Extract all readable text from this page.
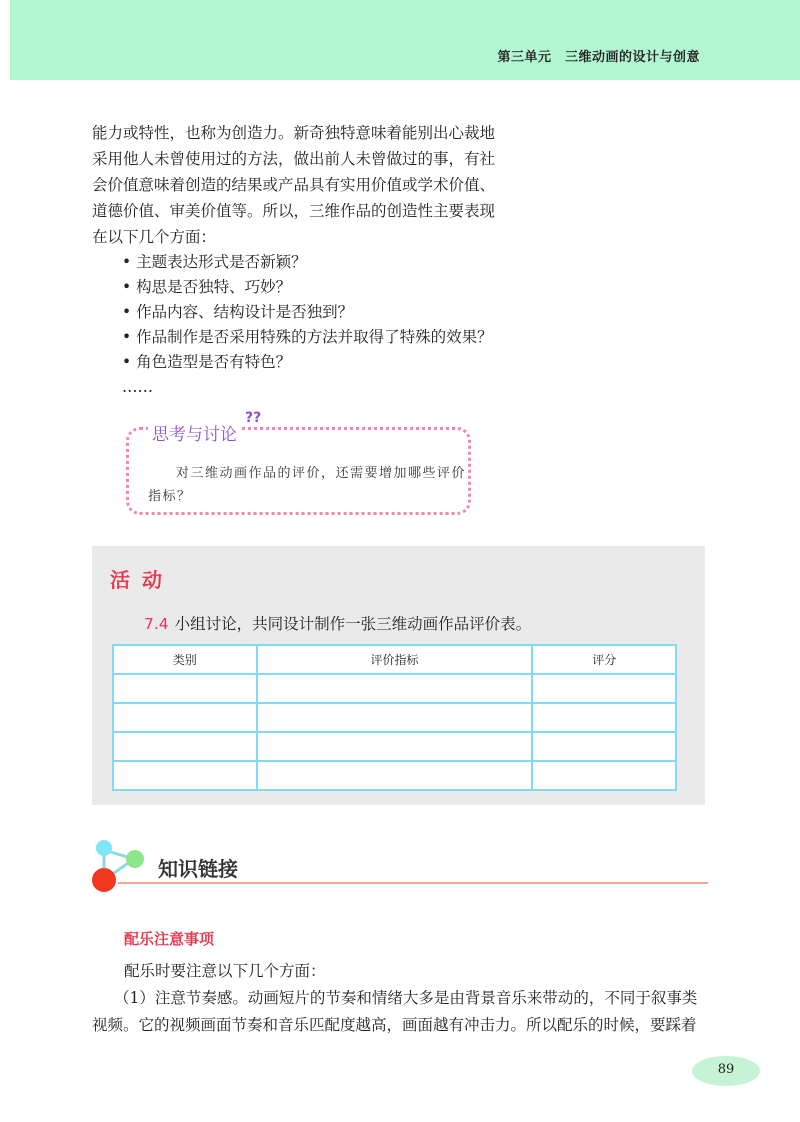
第三单元　三维动画的设计与创意

能力或特性，也称为创造力。新奇独特意味着能别出心裁地

采用他人未曾使用过的方法，做出前人未曾做过的事，有社

会价值意味着创造的结果或产品具有实用价值或学术价值、

道德价值、审美价值等。所以，三维作品的创造性主要表现

在以下几个方面：

• 主题表达形式是否新颖？
• 构思是否独特、巧妙？
• 作品内容、结构设计是否独到？
• 作品制作是否采用特殊的方法并取得了特殊的效果？
• 角色造型是否有特色？

……

思考与讨论
??
对三维动画作品的评价，还需要增加哪些评价指标？
活动
7.4 小组讨论，共同设计制作一张三维动画作品评价表。
类别	评价指标	评分

知识链接
配乐注意事项

配乐时要注意以下几个方面：

（1）注意节奏感。动画短片的节奏和情绪大多是由背景音乐来带动的，不同于叙事类

视频。它的视频画面节奏和音乐匹配度越高，画面越有冲击力。所以配乐的时候，要踩着

89
